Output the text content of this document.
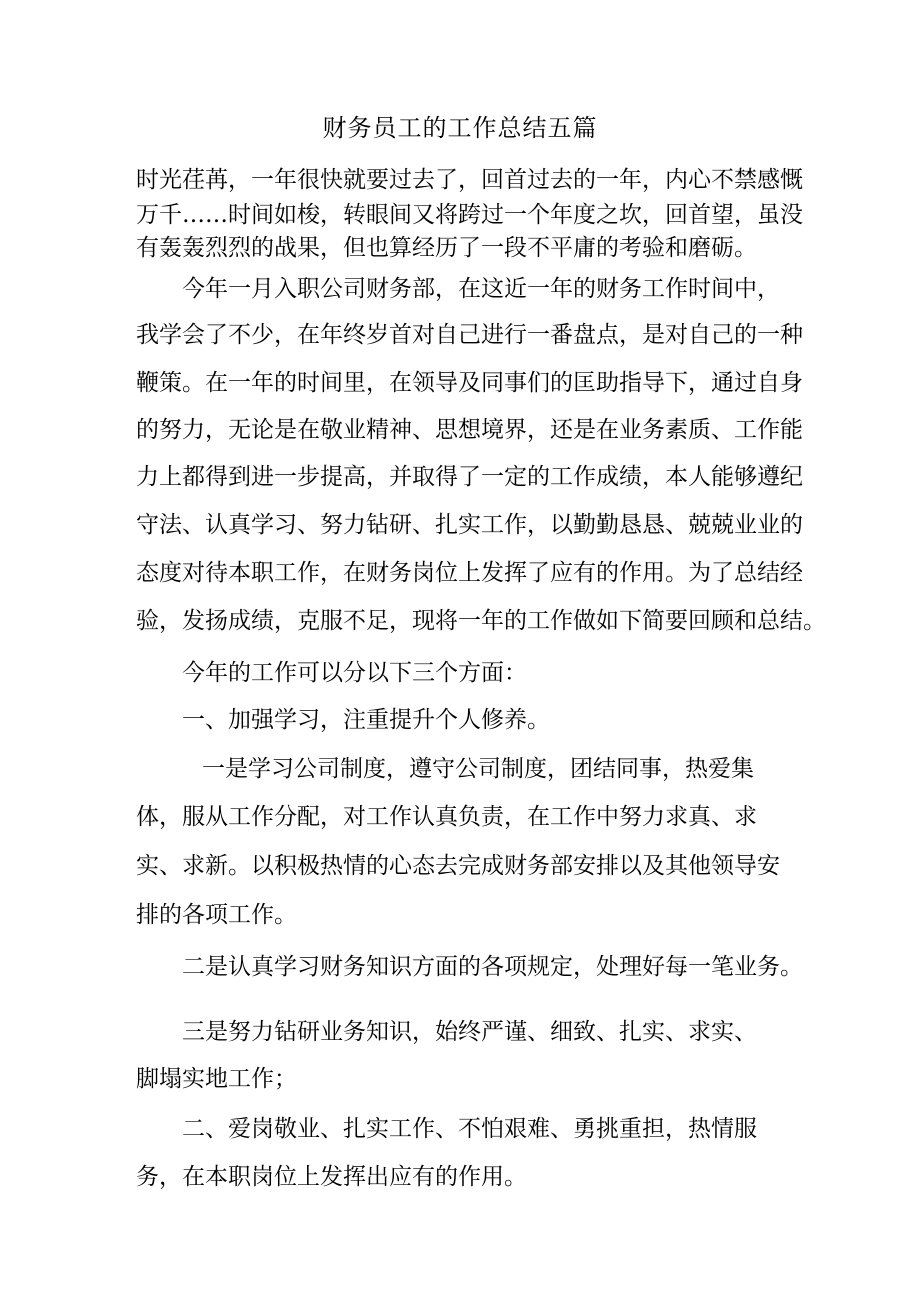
财务员工的工作总结五篇

时光荏苒，一年很快就要过去了，回首过去的一年，内心不禁感慨

万千……时间如梭，转眼间又将跨过一个年度之坎，回首望，虽没

有轰轰烈烈的战果，但也算经历了一段不平庸的考验和磨砺。

今年一月入职公司财务部，在这近一年的财务工作时间中，

我学会了不少，在年终岁首对自己进行一番盘点，是对自己的一种

鞭策。在一年的时间里，在领导及同事们的匡助指导下，通过自身

的努力，无论是在敬业精神、思想境界，还是在业务素质、工作能

力上都得到进一步提高，并取得了一定的工作成绩，本人能够遵纪

守法、认真学习、努力钻研、扎实工作，以勤勤恳恳、兢兢业业的

态度对待本职工作，在财务岗位上发挥了应有的作用。为了总结经

验，发扬成绩，克服不足，现将一年的工作做如下简要回顾和总结。

今年的工作可以分以下三个方面：

一、加强学习，注重提升个人修养。

一是学习公司制度，遵守公司制度，团结同事，热爱集

体，服从工作分配，对工作认真负责，在工作中努力求真、求

实、求新。以积极热情的心态去完成财务部安排以及其他领导安

排的各项工作。

二是认真学习财务知识方面的各项规定，处理好每一笔业务。

三是努力钻研业务知识，始终严谨、细致、扎实、求实、

脚塌实地工作；

二、爱岗敬业、扎实工作、不怕艰难、勇挑重担，热情服

务，在本职岗位上发挥出应有的作用。
